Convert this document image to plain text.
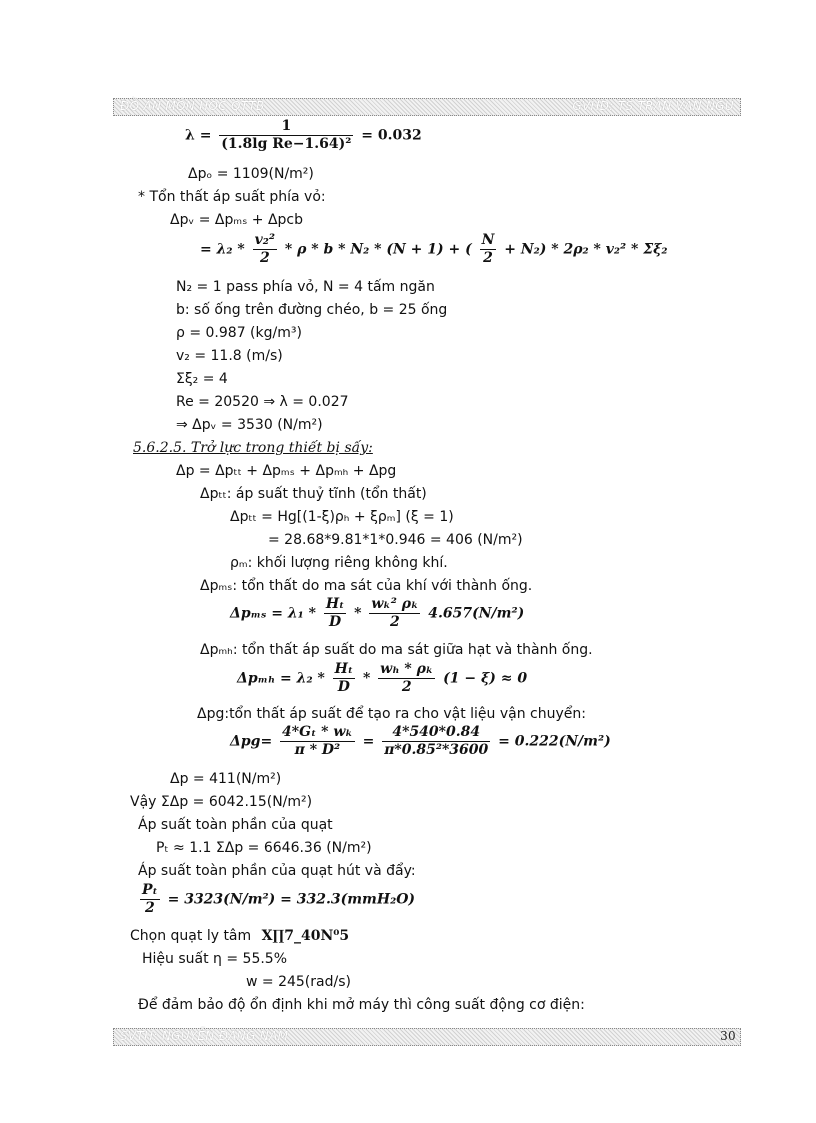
ĐỒ ÁN MÔN HỌC QTTB	GVHD: TS TRẦN VĂN NGŨ
$\lambda = \frac{1}{\text{(1.8lg Re−1.64)²}} = 0.032$
Δpₒ = 1109(N/m²)
* Tổn thất áp suất phía vỏ:
Δpᵥ = Δpₘₛ + Δpcb
= $\lambda_2 * \frac{\text{v₂²}}{2} * \rho * b * N_2 * (N + 1)$ + ( $\frac{N}{2} + N_2) * 2\rho_2 * v_2^2 * \Sigma\xi_2$
N₂ = 1 pass phía vỏ, N = 4 tấm ngăn
b: số ống trên đường chéo, b = 25 ống
ρ = 0.987 (kg/m³)
v₂ = 11.8 (m/s)
Σξ₂ = 4
Re = 20520 ⇒ λ = 0.027
⇒ Δpᵥ = 3530 (N/m²)
5.6.2.5. Trở lực trong thiết bị sấy:
Δp = Δpₜₜ + Δpₘₛ + Δpₘₕ + Δpg
Δpₜₜ: áp suất thuỷ tĩnh (tổn thất)
Δpₜₜ = Hg[(1-ξ)ρₕ + ξρₘ] (ξ = 1)
= 28.68*9.81*1*0.946 = 406 (N/m²)
ρₘ: khối lượng riêng không khí.
Δpₘₛ: tổn thất do ma sát của khí với thành ống.
$\Delta p_{ms} = \lambda_1 * \frac{\text{Hₜ}}{D} * \frac{\text{wₖ² ρₖ}}{2} 4.657(N/m^2)$
Δpₘₕ: tổn thất áp suất do ma sát giữa hạt và thành ống.
$\Delta p_{mh} = \lambda_2 * \frac{\text{Hₜ}}{D} * \frac{\text{wₕ * ρₖ}}{2} (1 - \xi) \approx 0$
Δpg:tổn thất áp suất để tạo ra cho vật liệu vận chuyển:
$\Delta pg= \frac{\text{4*Gₜ * wₖ}}{\text{π * D²}} = \frac{4*540*0.84}{\text{π*0.85²*3600}} = 0.222(N/m^2)$
Δp = 411(N/m²)
Vậy ΣΔp = 6042.15(N/m²)
Áp suất toàn phần của quạt
Pₜ ≈ 1.1 ΣΔp = 6646.36 (N/m²)
Áp suất toàn phần của quạt hút và đẩy:
$\frac{\text{Pₜ}}{2} = 3323(N/m^2) = 332.3(mmH_2O)$
Chọn quạt ly tâm X∏7_40N⁰5
Hiệu suất η = 55.5%
w = 245(rad/s)
Để đảm bảo độ ổn định khi mở máy thì công suất động cơ điện:
SVTH: NGUYỄN ĐĂNG NAM	30
